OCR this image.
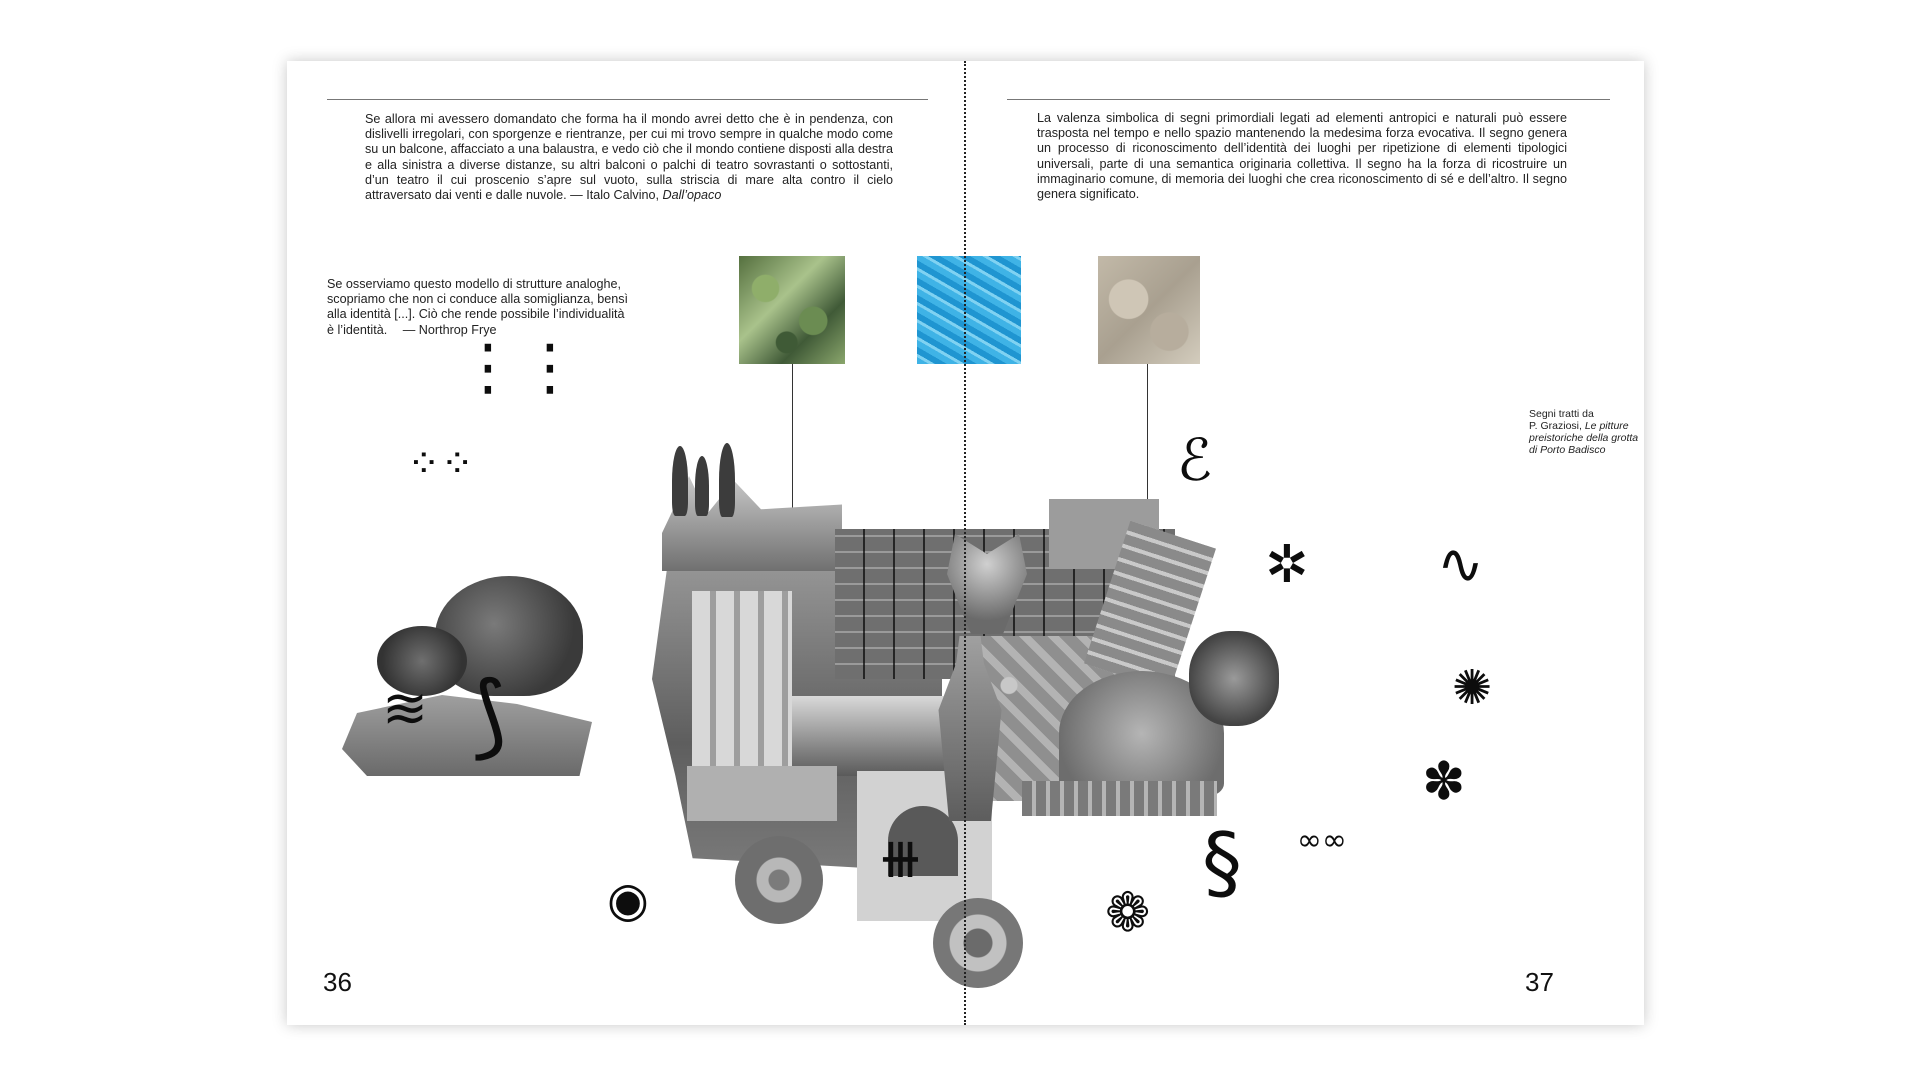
Se allora mi avessero domandato che forma ha il mondo avrei detto che è in pendenza, con dislivelli irregolari, con sporgenze e rientranze, per cui mi trovo sempre in qualche modo come su un balcone, affacciato a una balaustra, e vedo ciò che il mondo contiene disposti alla destra e alla sinistra a diverse distanze, su altri balconi o palchi di teatro sovrastanti o sottostanti, d’un teatro il cui proscenio s’apre sul vuoto, sulla striscia di mare alta contro il cielo attraversato dai venti e dalle nuvole. — Italo Calvino, Dall’opaco
Se osserviamo questo modello di strutture analoghe, scopriamo che non ci conduce alla somiglianza, bensì alla identità [...]. Ciò che rende possibile l’individualità è l’identità. — Northrop Frye
36
La valenza simbolica di segni primordiali legati ad elementi antropici e naturali può essere trasposta nel tempo e nello spazio mantenendo la medesima forza evocativa. Il segno genera un processo di riconoscimento dell’identità dei luoghi per ripetizione di elementi tipologici universali, parte di una semantica originaria collettiva. Il segno ha la forza di ricostruire un immaginario comune, di memoria dei luoghi che crea riconoscimento di sé e dell’altro. Il segno genera significato.
Segni tratti da
P. Graziosi, Le pitture preistoriche della grotta di Porto Badisco
37
⋮⋮
⁘⁘
≋ ⟆
◉
⧻
ℰ
✲ ∿
✺
✽
∞∞
§
❁
